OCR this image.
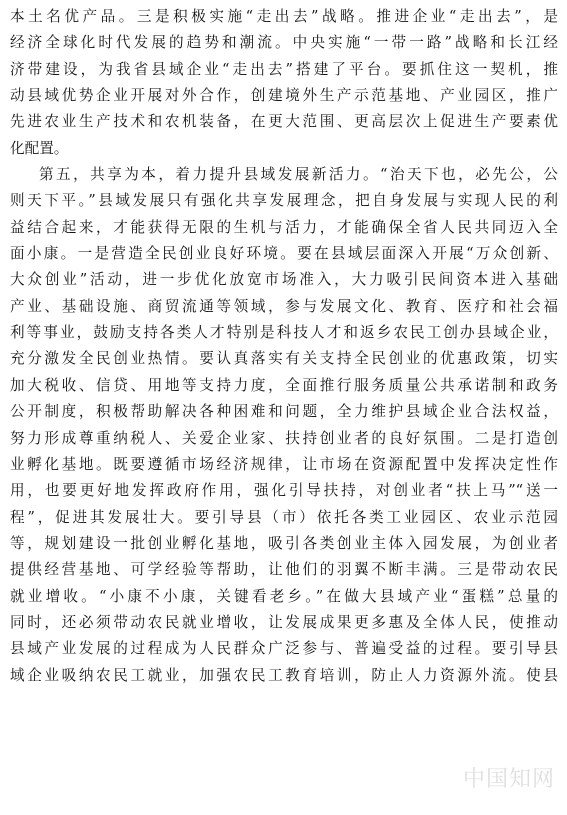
本土名优产品。三是积极实施“走出去”战略。推进企业“走出去”，是
经济全球化时代发展的趋势和潮流。中央实施“一带一路”战略和长江经
济带建设，为我省县域企业“走出去”搭建了平台。要抓住这一契机，推
动县域优势企业开展对外合作，创建境外生产示范基地、产业园区，推广
先进农业生产技术和农机装备，在更大范围、更高层次上促进生产要素优
化配置。
第五，共享为本，着力提升县域发展新活力。“治天下也，必先公，公
则天下平。”县域发展只有强化共享发展理念，把自身发展与实现人民的利
益结合起来，才能获得无限的生机与活力，才能确保全省人民共同迈入全
面小康。一是营造全民创业良好环境。要在县域层面深入开展“万众创新、
大众创业”活动，进一步优化放宽市场准入，大力吸引民间资本进入基础
产业、基础设施、商贸流通等领域，参与发展文化、教育、医疗和社会福
利等事业，鼓励支持各类人才特别是科技人才和返乡农民工创办县域企业，
充分激发全民创业热情。要认真落实有关支持全民创业的优惠政策，切实
加大税收、信贷、用地等支持力度，全面推行服务质量公共承诺制和政务
公开制度，积极帮助解决各种困难和问题，全力维护县域企业合法权益，
努力形成尊重纳税人、关爱企业家、扶持创业者的良好氛围。二是打造创
业孵化基地。既要遵循市场经济规律，让市场在资源配置中发挥决定性作
用，也要更好地发挥政府作用，强化引导扶持，对创业者“扶上马”“送一
程”，促进其发展壮大。要引导县（市）依托各类工业园区、农业示范园
等，规划建设一批创业孵化基地，吸引各类创业主体入园发展，为创业者
提供经营基地、可学经验等帮助，让他们的羽翼不断丰满。三是带动农民
就业增收。“小康不小康，关键看老乡。”在做大县域产业“蛋糕”总量的
同时，还必须带动农民就业增收，让发展成果更多惠及全体人民，使推动
县域产业发展的过程成为人民群众广泛参与、普遍受益的过程。要引导县
域企业吸纳农民工就业，加强农民工教育培训，防止人力资源外流。使县
中国知网
